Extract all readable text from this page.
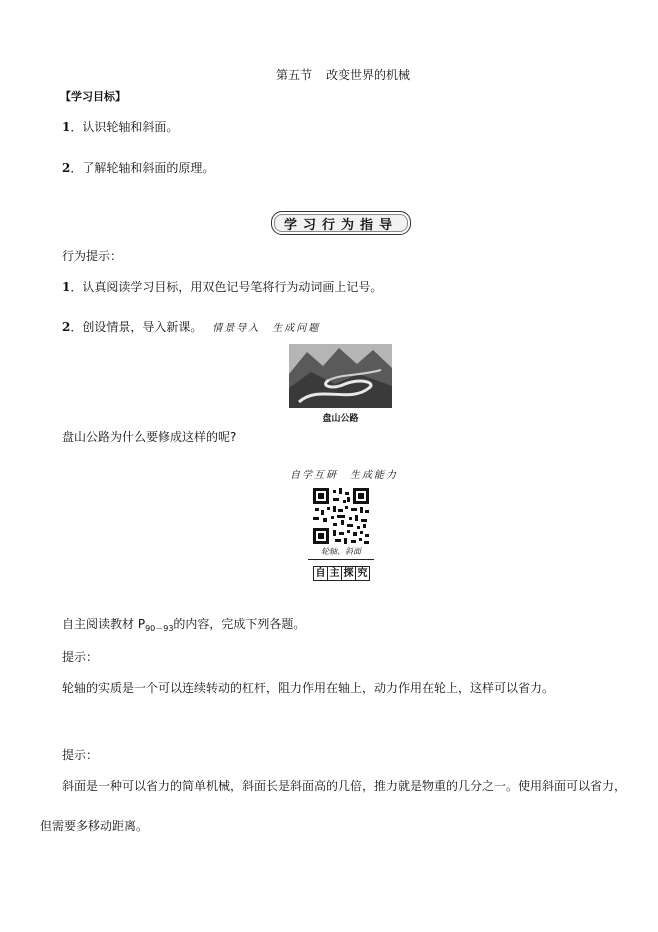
第五节 改变世界的机械
【学习目标】
1．认识轮轴和斜面。
2．了解轮轴和斜面的原理。
学习行为指导
行为提示：
1．认真阅读学习目标，用双色记号笔将行为动词画上记号。
2．创设情景，导入新课。 情景导入　生成问题
盘山公路
盘山公路为什么要修成这样的呢?
自学互研　生成能力
轮轴、斜面
自 主 探 究
自主阅读教材 $P_{90-93}$的内容，完成下列各题。
提示：
轮轴的实质是一个可以连续转动的杠杆，阻力作用在轴上，动力作用在轮上，这样可以省力。
提示：
斜面是一种可以省力的简单机械，斜面长是斜面高的几倍，推力就是物重的几分之一。使用斜面可以省力，
但需要多移动距离。
